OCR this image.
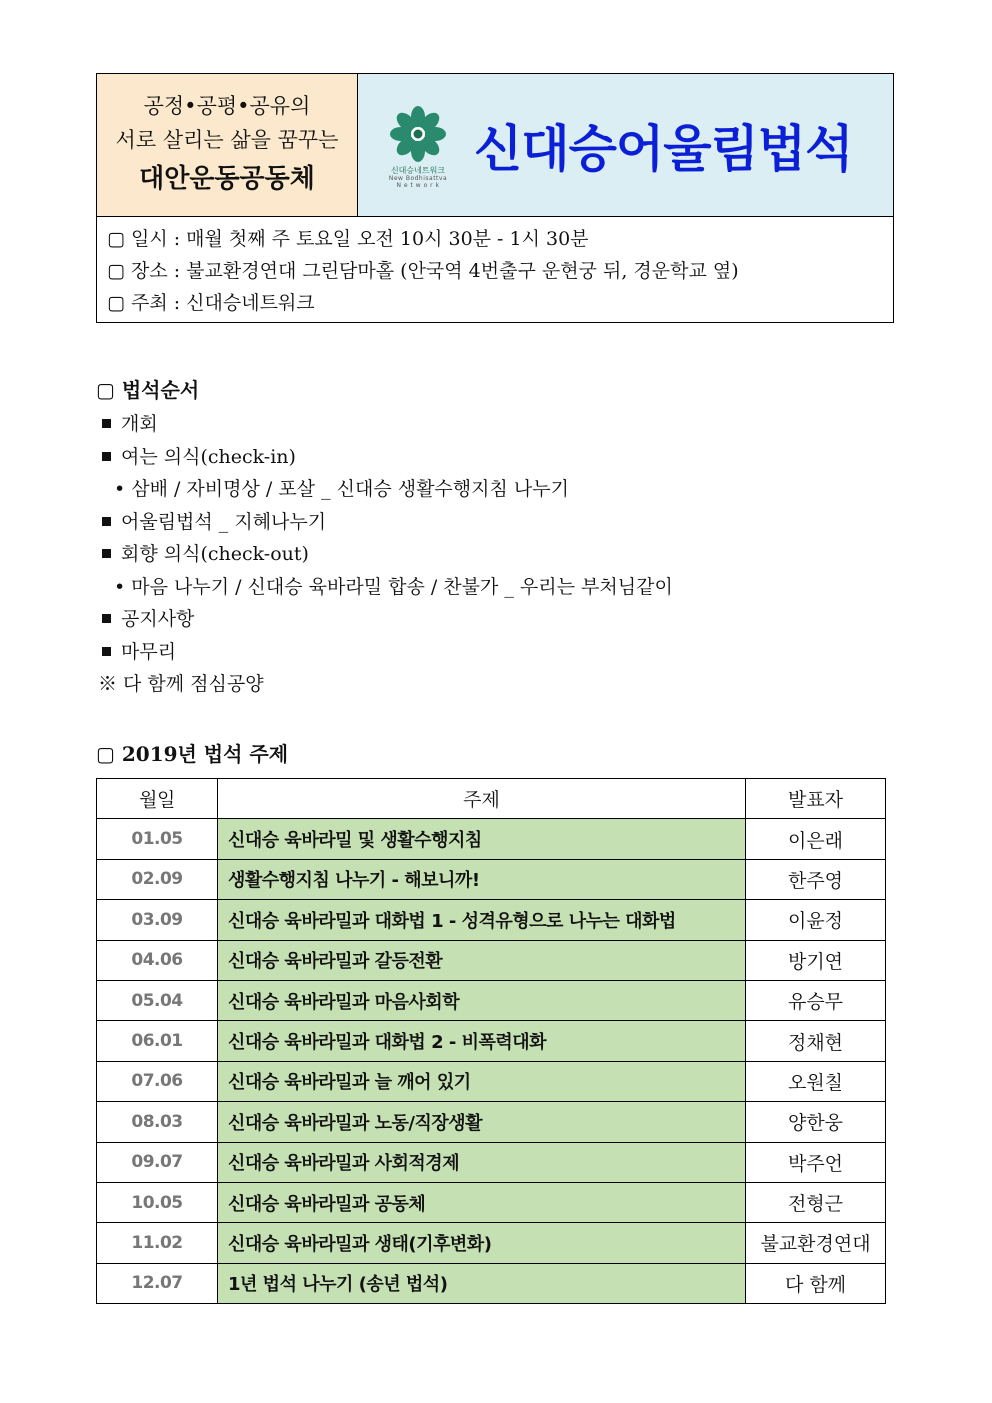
공정•공평•공유의
서로 살리는 삶을 꿈꾸는
대안운동공동체	신대승네트워크
New Bodhisattva
N e t w o r k
신대승어울림법석
▢ 일시 : 매월 첫째 주 토요일 오전 10시 30분 - 1시 30분
▢ 장소 : 불교환경연대 그린담마홀 (안국역 4번출구 운현궁 뒤, 경운학교 옆)
▢ 주최 : 신대승네트워크
▢ 법석순서
개회
여는 의식(check-in)
• 삼배 / 자비명상 / 포살 _ 신대승 생활수행지침 나누기
어울림법석 _ 지혜나누기
회향 의식(check-out)
• 마음 나누기 / 신대승 육바라밀 합송 / 찬불가 _ 우리는 부처님같이
공지사항
마무리
※ 다 함께 점심공양
▢ 2019년 법석 주제
월일	주제	발표자
01.05	신대승 육바라밀 및 생활수행지침	이은래
02.09	생활수행지침 나누기 - 해보니까!	한주영
03.09	신대승 육바라밀과 대화법 1 - 성격유형으로 나누는 대화법	이윤정
04.06	신대승 육바라밀과 갈등전환	방기연
05.04	신대승 육바라밀과 마음사회학	유승무
06.01	신대승 육바라밀과 대화법 2 - 비폭력대화	정채현
07.06	신대승 육바라밀과 늘 깨어 있기	오원칠
08.03	신대승 육바라밀과 노동/직장생활	양한웅
09.07	신대승 육바라밀과 사회적경제	박주언
10.05	신대승 육바라밀과 공동체	전형근
11.02	신대승 육바라밀과 생태(기후변화)	불교환경연대
12.07	1년 법석 나누기 (송년 법석)	다 함께
